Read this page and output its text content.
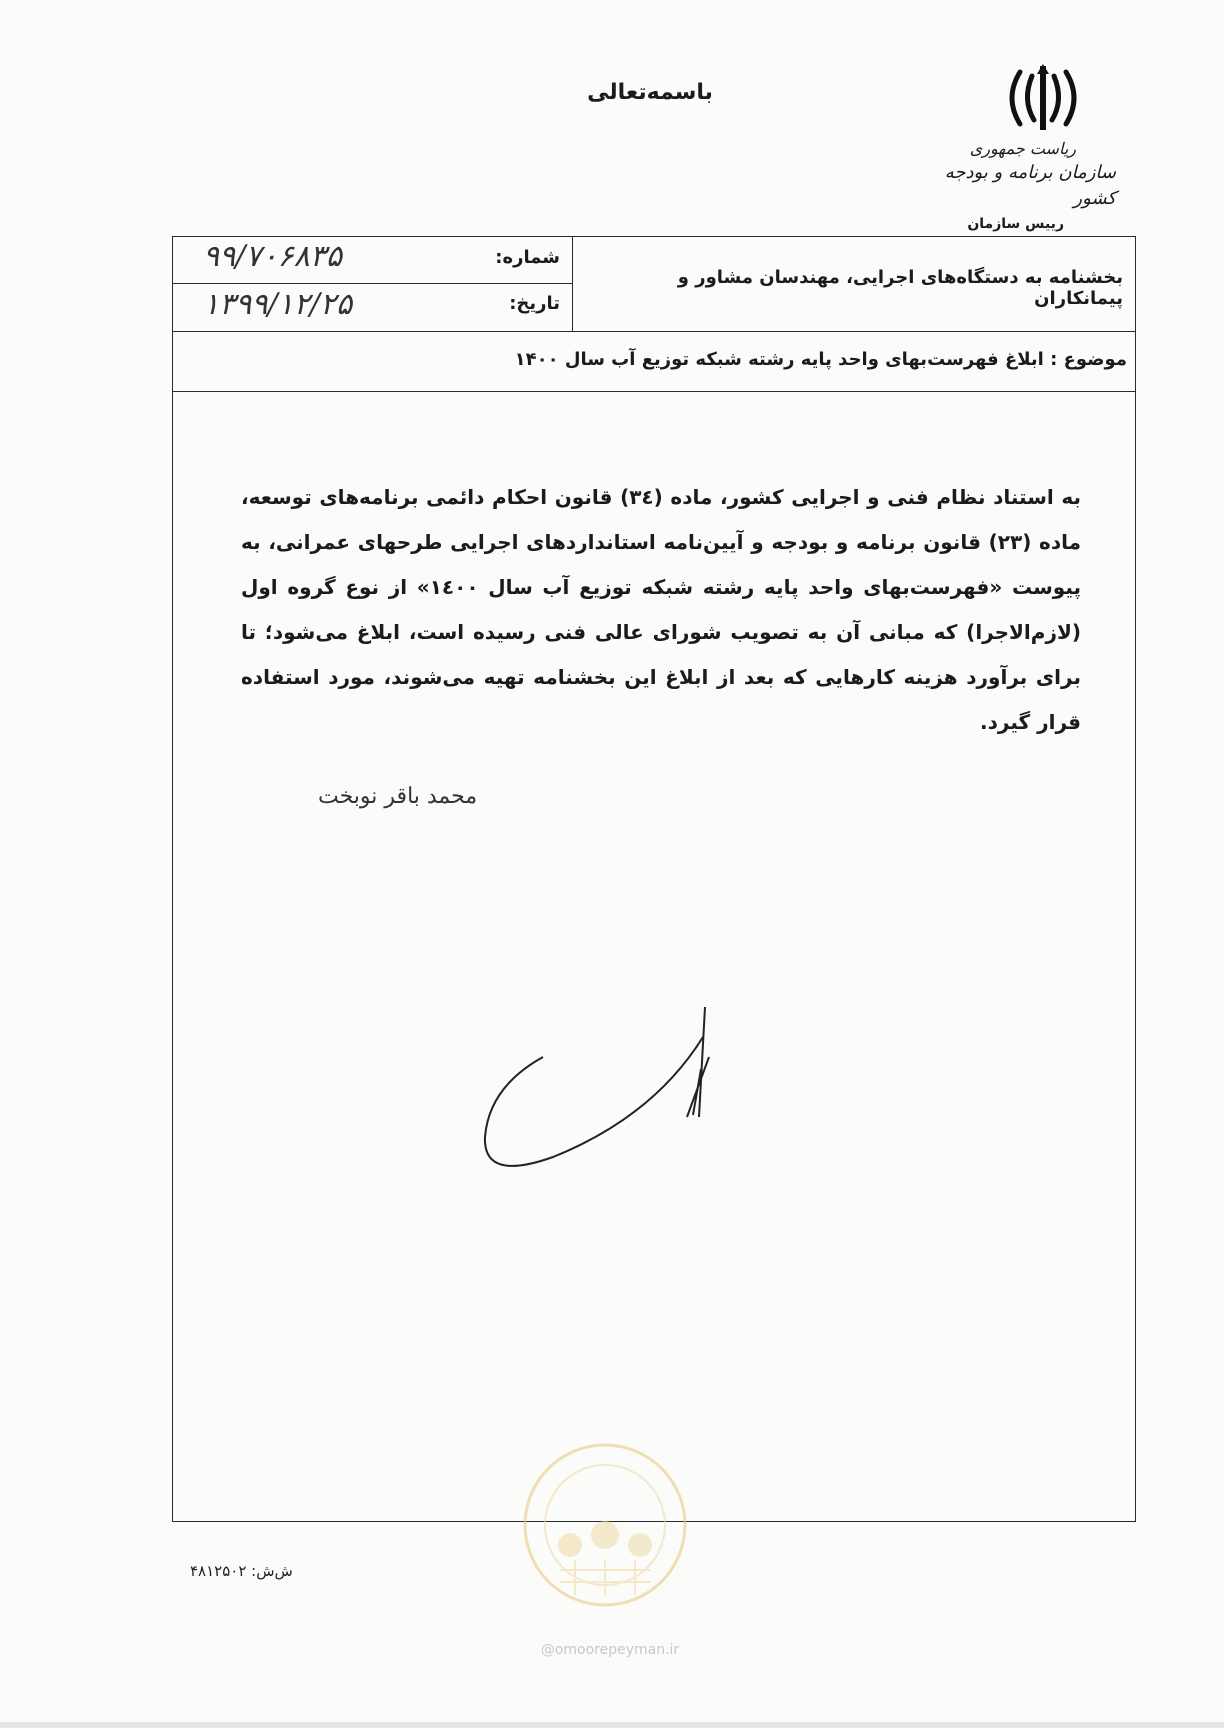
باسمه‌تعالی
ریاست جمهوری
سازمان برنامه و بودجه کشور
رییس سازمان
شماره:
۹۹/۷۰۶۸۳۵
تاریخ:
۱۳۹۹/۱۲/۲۵
بخشنامه به دستگاه‌های اجرایی، مهندسان مشاور و پیمانکاران
موضوع : ابلاغ فهرست‌بهای واحد پایه رشته شبکه توزیع آب سال ۱۴۰۰
به استناد نظام فنی و اجرایی کشور، ماده (۳٤) قانون احکام دائمی برنامه‌های توسعه، ماده (۲۳) قانون برنامه و بودجه و آیین‌نامه استانداردهای اجرایی طرحهای عمرانی، به پیوست «فهرست‌بهای واحد پایه رشته شبکه توزیع آب سال ۱٤۰۰» از نوع گروه اول (لازم‌الاجرا) که مبانی آن به تصویب شورای عالی فنی رسیده است، ابلاغ می‌شود؛ تا برای برآورد هزینه کارهایی که بعد از ابلاغ این بخشنامه تهیه می‌شوند، مورد استفاده قرار گیرد.
محمد باقر نوبخت
ش‌ش: ۴۸۱۲۵۰۲
@omoorepeyman.ir
